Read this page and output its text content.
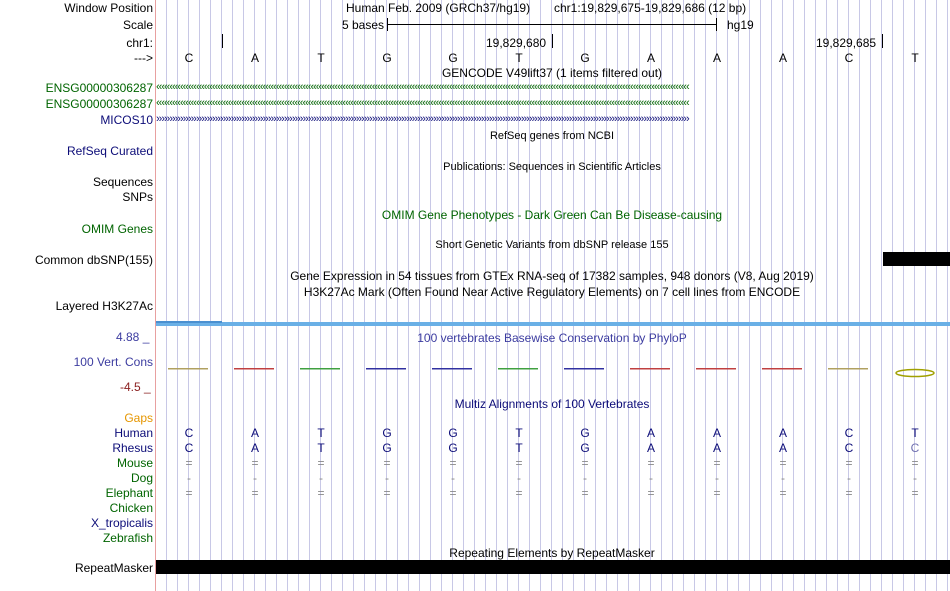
Window Position	Human Feb. 2009 (GRCh37/hg19) chr1:19,829,675-19,829,686 (12 bp)
Scale	5 bases	hg19
chr1:	19,829,680	19,829,685
--->	C	A	T	G	G	T	G	A	A	A	C	T
GENCODE V49lift37 (1 items filtered out)
ENSG00000306287 ‹‹‹‹‹‹‹‹‹‹‹‹‹‹‹‹‹‹‹‹‹‹‹‹‹‹‹‹‹‹‹‹‹‹‹‹‹‹‹‹‹‹‹‹‹‹‹‹‹‹‹‹‹‹‹‹‹‹‹‹‹‹‹‹‹‹‹‹‹‹‹‹‹‹‹‹‹‹‹‹‹‹‹‹‹‹‹‹‹‹‹‹‹‹‹‹‹‹‹‹‹‹‹‹‹‹‹‹‹‹‹‹‹‹‹‹‹‹‹‹‹‹‹‹‹‹‹‹‹‹‹‹‹‹‹‹‹‹‹‹‹‹‹‹‹‹‹‹‹‹‹‹‹‹‹‹‹‹‹‹‹‹‹‹‹‹‹‹‹‹‹‹‹‹‹‹‹‹‹‹‹‹‹‹‹‹‹‹‹‹‹‹‹‹‹‹‹‹‹‹
ENSG00000306287 ‹‹‹‹‹‹‹‹‹‹‹‹‹‹‹‹‹‹‹‹‹‹‹‹‹‹‹‹‹‹‹‹‹‹‹‹‹‹‹‹‹‹‹‹‹‹‹‹‹‹‹‹‹‹‹‹‹‹‹‹‹‹‹‹‹‹‹‹‹‹‹‹‹‹‹‹‹‹‹‹‹‹‹‹‹‹‹‹‹‹‹‹‹‹‹‹‹‹‹‹‹‹‹‹‹‹‹‹‹‹‹‹‹‹‹‹‹‹‹‹‹‹‹‹‹‹‹‹‹‹‹‹‹‹‹‹‹‹‹‹‹‹‹‹‹‹‹‹‹‹‹‹‹‹‹‹‹‹‹‹‹‹‹‹‹‹‹‹‹‹‹‹‹‹‹‹‹‹‹‹‹‹‹‹‹‹‹‹‹‹‹‹‹‹‹‹‹‹‹‹
MICOS10 ››››››››››››››››››››››››››››››››››››››››››››››››››››››››››››››››››››››››››››››››››››››››››››››››››››››››››››››››››››››››››››››››››››››››››››››››››››››››››››››››››››››››››››››››››››››››››››››››››››››››
RefSeq genes from NCBI
RefSeq Curated
Publications: Sequences in Scientific Articles
Sequences
SNPs
OMIM Gene Phenotypes - Dark Green Can Be Disease-causing
OMIM Genes
Short Genetic Variants from dbSNP release 155
Common dbSNP(155)
Gene Expression in 54 tissues from GTEx RNA-seq of 17382 samples, 948 donors (V8, Aug 2019)
H3K27Ac Mark (Often Found Near Active Regulatory Elements) on 7 cell lines from ENCODE
Layered H3K27Ac
4.88 _	100 vertebrates Basewise Conservation by PhyloP
100 Vert. Cons
-4.5 _
Multiz Alignments of 100 Vertebrates
Gaps
Human	C	A	T	G	G	T	G	A	A	A	C	T
Rhesus	C	A	T	G	G	T	G	A	A	A	C	C
Mouse	=	=	=	=	=	=	=	=	=	=	=	=
Dog	-	-	-	-	-	-	-	-	-	-	-	-
Elephant	=	=	=	=	=	=	=	=	=	=	=	=
Chicken
X_tropicalis
Zebrafish
Repeating Elements by RepeatMasker
RepeatMasker
